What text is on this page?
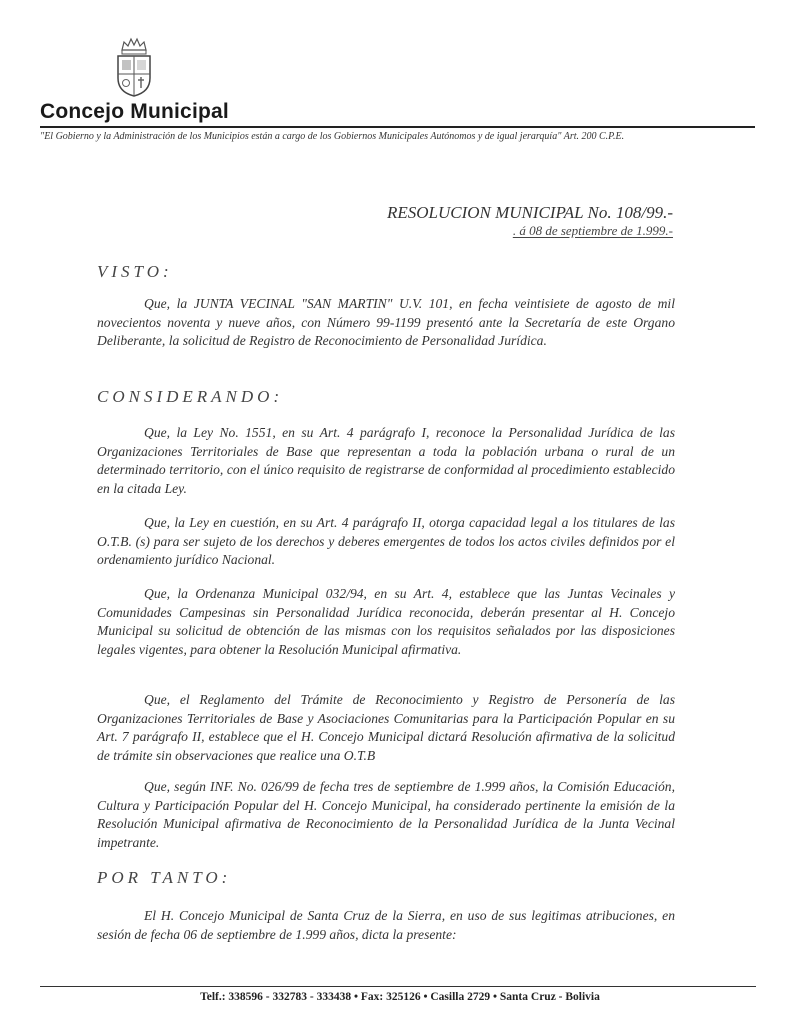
Concejo Municipal
"El Gobierno y la Administración de los Municipios están a cargo de los Gobiernos Municipales Autónomos y de igual jerarquía" Art. 200 C.P.E.
RESOLUCION MUNICIPAL No. 108/99.-
. á 08 de septiembre de 1.999.-
VISTO:
Que, la JUNTA VECINAL "SAN MARTIN" U.V. 101, en fecha veintisiete de agosto de mil novecientos noventa y nueve años, con Número 99-1199 presentó ante la Secretaría de este Organo Deliberante, la solicitud de Registro de Reconocimiento de Personalidad Jurídica.
CONSIDERANDO:
Que, la Ley No. 1551, en su Art. 4 parágrafo I, reconoce la Personalidad Jurídica de las Organizaciones Territoriales de Base que representan a toda la población urbana o rural de un determinado territorio, con el único requisito de registrarse de conformidad al procedimiento establecido en la citada Ley.
Que, la Ley en cuestión, en su Art. 4 parágrafo II, otorga capacidad legal a los titulares de las O.T.B. (s) para ser sujeto de los derechos y deberes emergentes de todos los actos civiles definidos por el ordenamiento jurídico Nacional.
Que, la Ordenanza Municipal 032/94, en su Art. 4, establece que las Juntas Vecinales y Comunidades Campesinas sin Personalidad Jurídica reconocida, deberán presentar al H. Concejo Municipal su solicitud de obtención de las mismas con los requisitos señalados por las disposiciones legales vigentes, para obtener la Resolución Municipal afirmativa.
Que, el Reglamento del Trámite de Reconocimiento y Registro de Personería de las Organizaciones Territoriales de Base y Asociaciones Comunitarias para la Participación Popular en su Art. 7 parágrafo II, establece que el H. Concejo Municipal dictará Resolución afirmativa de la solicitud de trámite sin observaciones que realice una O.T.B
Que, según INF. No. 026/99 de fecha tres de septiembre de 1.999 años, la Comisión Educación, Cultura y Participación Popular del H. Concejo Municipal, ha considerado pertinente la emisión de la Resolución Municipal afirmativa de Reconocimiento de la Personalidad Jurídica de la Junta Vecinal impetrante.
POR TANTO:
El H. Concejo Municipal de Santa Cruz de la Sierra, en uso de sus legitimas atribuciones, en sesión de fecha 06 de septiembre de 1.999 años, dicta la presente:
Telf.: 338596 - 332783 - 333438 • Fax: 325126 • Casilla 2729 • Santa Cruz - Bolivia
